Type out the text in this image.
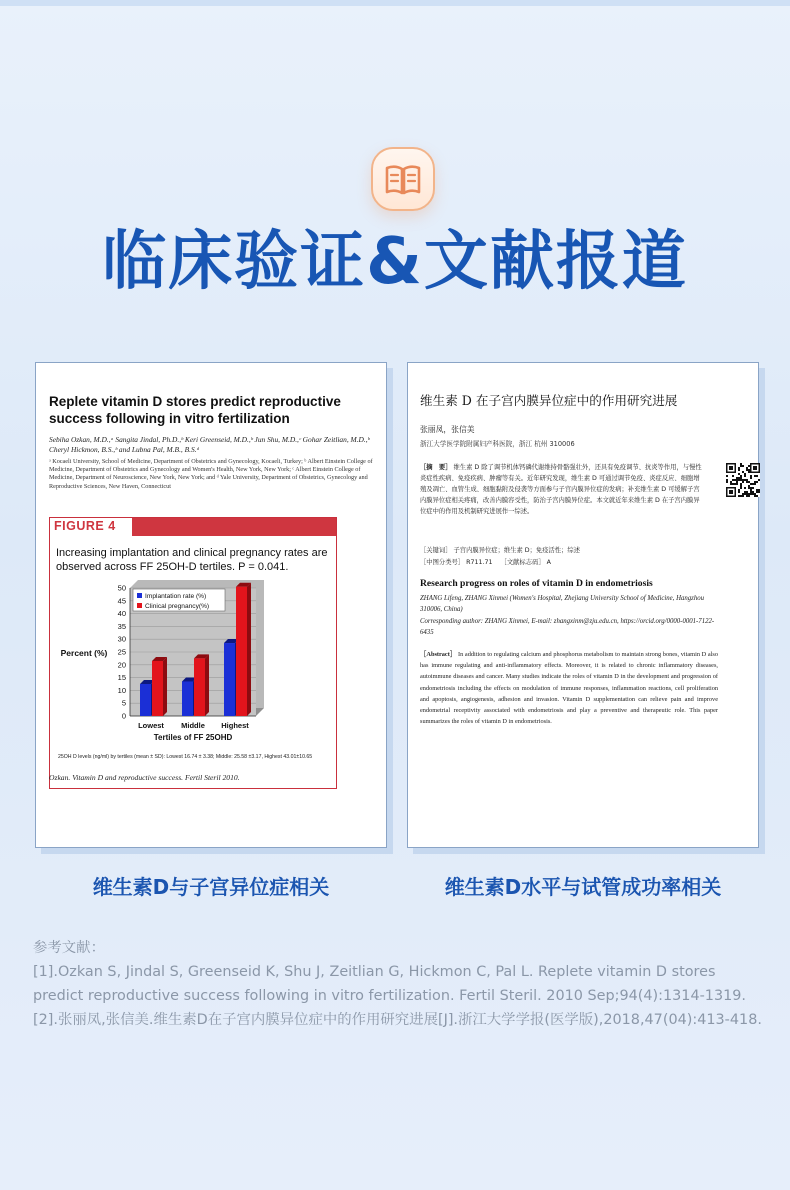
临床验证&文献报道
Replete vitamin D stores predict reproductive success following in vitro fertilization
Sebiha Ozkan, M.D.,ᵃ Sangita Jindal, Ph.D.,ᵇ Keri Greenseid, M.D.,ᵇ Jun Shu, M.D.,ᶜ Gohar Zeitlian, M.D.,ᵇ Cheryl Hickmon, B.S.,ᵇ and Lubna Pal, M.B., B.S.ᵈ
ᵃ Kocaeli University, School of Medicine, Department of Obstetrics and Gynecology, Kocaeli, Turkey; ᵇ Albert Einstein College of Medicine, Department of Obstetrics and Gynecology and Women's Health, New York, New York; ᶜ Albert Einstein College of Medicine, Department of Neuroscience, New York, New York; and ᵈ Yale University, Department of Obstetrics, Gynecology and Reproductive Sciences, New Haven, Connecticut
FIGURE 4
Increasing implantation and clinical pregnancy rates are observed across FF 25OH-D tertiles. P = 0.041.
0
5
10
15
20
25
30
35
40
45
50
Lowest Middle Highest
Percent (%)
Tertiles of FF 25OHD
Implantation rate (%)
Clinical pregnancy(%)
25OH D levels (ng/ml) by tertiles (mean ± SD): Lowest 16.74 ± 3.38; Middle: 25.58 ±3.17, Highest 43.01±10.65
Ozkan. Vitamin D and reproductive success. Fertil Steril 2010.
维生素 D 在子宫内膜异位症中的作用研究进展
张丽凤，张信美
浙江大学医学院附属妇产科医院，浙江 杭州 310006
［摘　要］ 维生素 D 除了调节机体钙磷代谢维持骨骼强壮外，还具有免疫调节、抗炎等作用，与慢性炎症性疾病、免疫疾病、肿瘤等有关。近年研究发现，维生素 D 可通过调节免疫、炎症反应、细胞增殖及凋亡、血管生成、细胞黏附及侵袭等方面参与子宫内膜异位症的发病；补充维生素 D 可缓解子宫内膜异位症相关疼痛，改善内膜容受性，防治子宫内膜异位症。本文就近年来维生素 D 在子宫内膜异位症中的作用及机制研究进展作一综述。
［关键词］ 子宫内膜异位症；维生素 D；免疫活性；综述
［中图分类号］ R711.71 ［文献标志码］ A
Research progress on roles of vitamin D in endometriosis
ZHANG Lifeng, ZHANG Xinmei (Women's Hospital, Zhejiang University School of Medicine, Hangzhou 310006, China)
Corresponding author: ZHANG Xinmei, E-mail: zhangxinm@zju.edu.cn, https://orcid.org/0000-0001-7122-6435
［Abstract］ In addition to regulating calcium and phosphorus metabolism to maintain strong bones, vitamin D also has immune regulating and anti-inflammatory effects. Moreover, it is related to chronic inflammatory diseases, autoimmune diseases and cancer. Many studies indicate the roles of vitamin D in the development and progression of endometriosis including the effects on modulation of immune responses, inflammation reactions, cell proliferation and apoptosis, angiogenesis, adhesion and invasion. Vitamin D supplementation can relieve pain and improve endometrial receptivity associated with endometriosis and play a preventive and therapeutic role. This paper summarizes the roles of vitamin D in endometriosis.
维生素D与子宫异位症相关	维生素D水平与试管成功率相关
参考文献：
[1].Ozkan S, Jindal S, Greenseid K, Shu J, Zeitlian G, Hickmon C, Pal L. Replete vitamin D stores predict reproductive success following in vitro fertilization. Fertil Steril. 2010 Sep;94(4):1314-1319.
[2].张丽凤,张信美.维生素D在子宫内膜异位症中的作用研究进展[J].浙江大学学报(医学版),2018,47(04):413-418.
